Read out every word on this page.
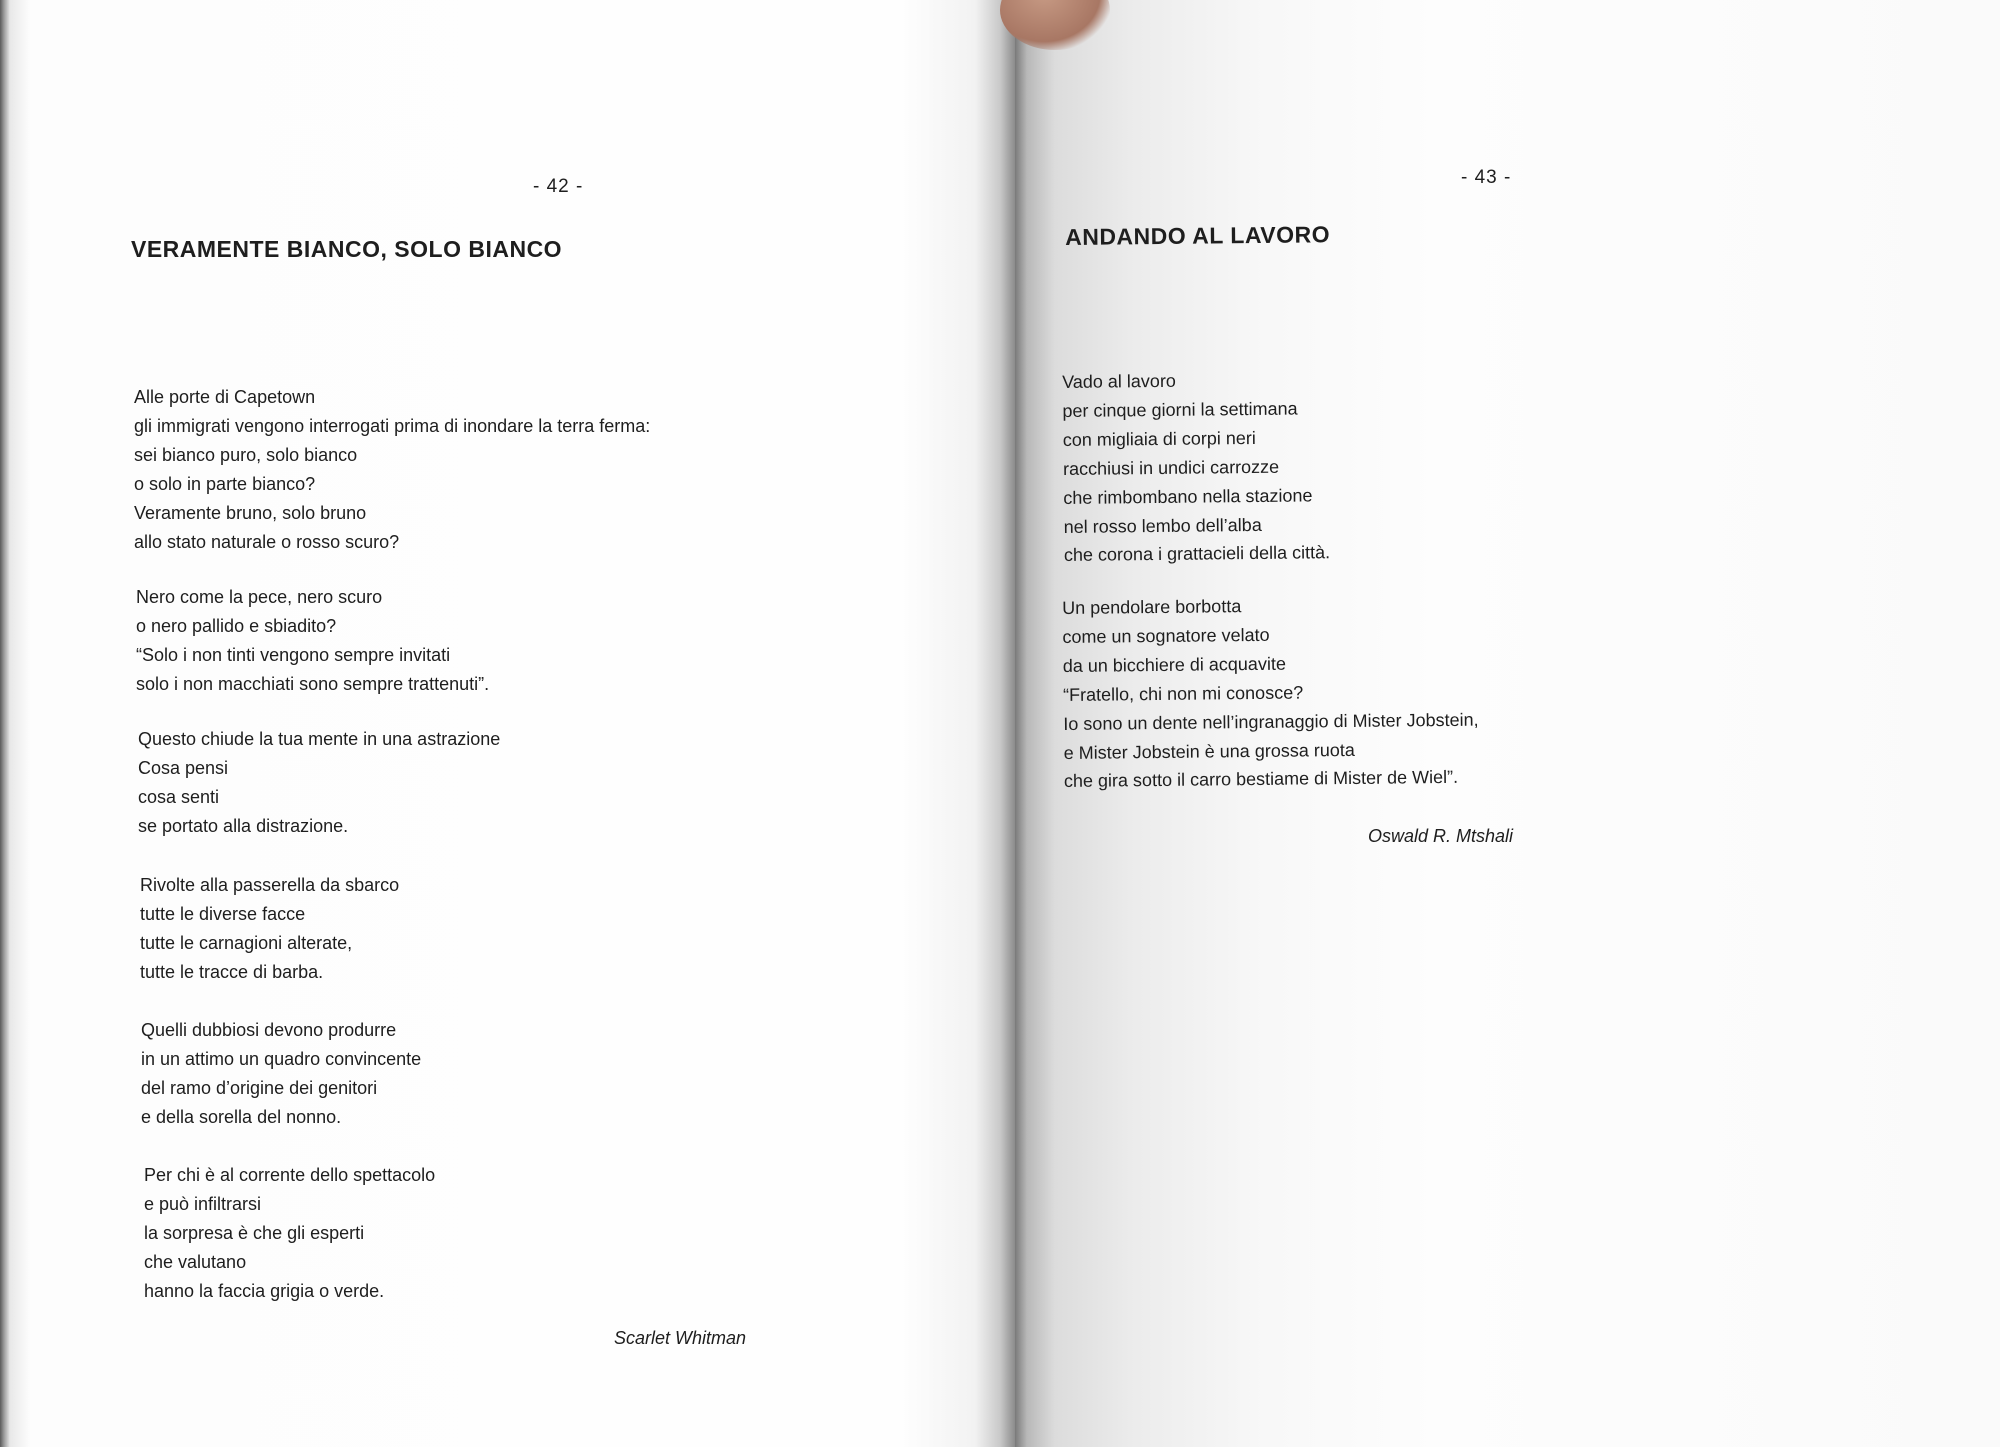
- 42 -
VERAMENTE BIANCO, SOLO BIANCO
Alle porte di Capetown
gli immigrati vengono interrogati prima di inondare la terra ferma:
sei bianco puro, solo bianco
o solo in parte bianco?
Veramente bruno, solo bruno
allo stato naturale o rosso scuro?
Nero come la pece, nero scuro
o nero pallido e sbiadito?
“Solo i non tinti vengono sempre invitati
solo i non macchiati sono sempre trattenuti”.
Questo chiude la tua mente in una astrazione
Cosa pensi
cosa senti
se portato alla distrazione.
Rivolte alla passerella da sbarco
tutte le diverse facce
tutte le carnagioni alterate,
tutte le tracce di barba.
Quelli dubbiosi devono produrre
in un attimo un quadro convincente
del ramo d’origine dei genitori
e della sorella del nonno.
Per chi è al corrente dello spettacolo
e può infiltrarsi
la sorpresa è che gli esperti
che valutano
hanno la faccia grigia o verde.
Scarlet Whitman
- 43 -
ANDANDO AL LAVORO
Vado al lavoro
per cinque giorni la settimana
con migliaia di corpi neri
racchiusi in undici carrozze
che rimbombano nella stazione
nel rosso lembo dell’alba
che corona i grattacieli della città.
Un pendolare borbotta
come un sognatore velato
da un bicchiere di acquavite
“Fratello, chi non mi conosce?
Io sono un dente nell’ingranaggio di Mister Jobstein,
e Mister Jobstein è una grossa ruota
che gira sotto il carro bestiame di Mister de Wiel”.
Oswald R. Mtshali
